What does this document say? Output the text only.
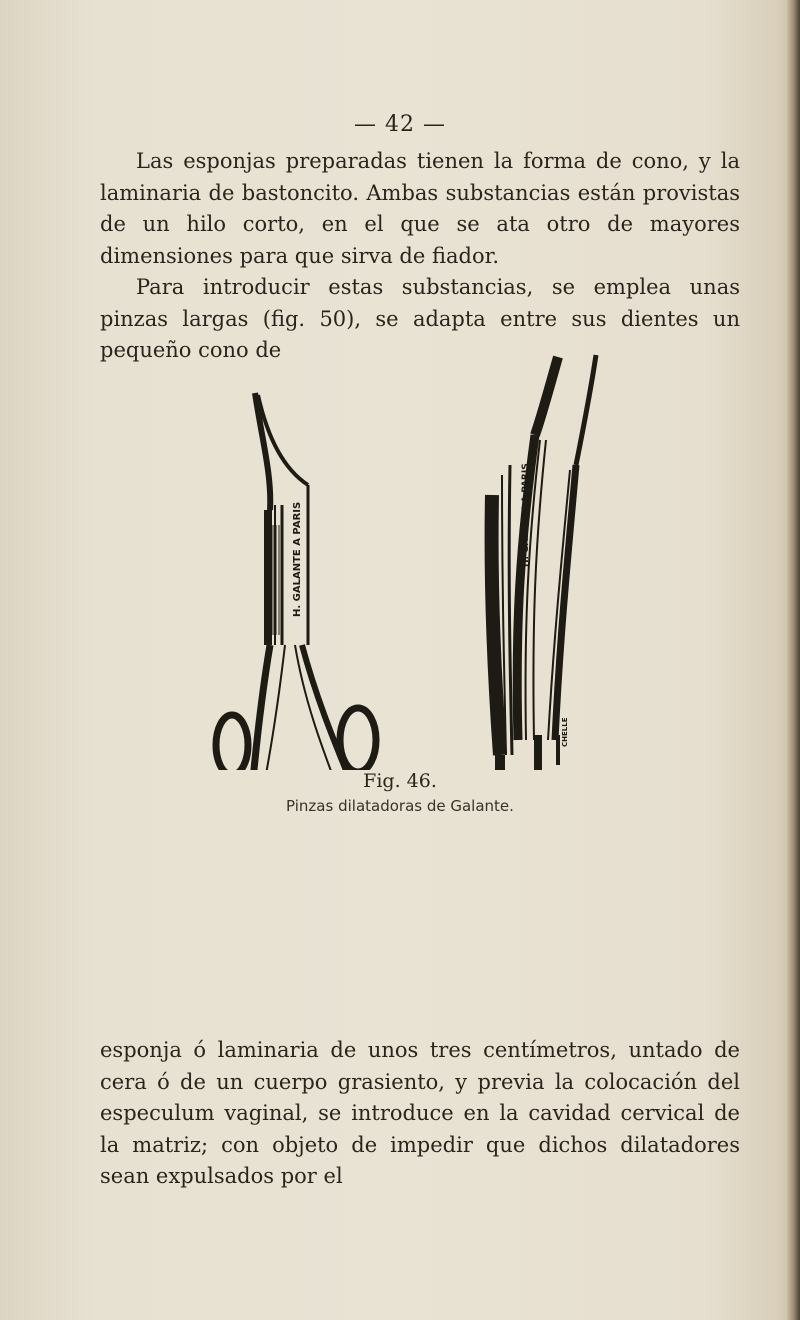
— 42 —

Las esponjas preparadas tienen la forma de cono, y la laminaria de bastoncito. Ambas substancias están provistas de un hilo corto, en el que se ata otro de mayores dimensiones para que sirva de fiador.

Para introducir estas substancias, se emplea unas pinzas largas (fig. 50), se adapta entre sus dientes un pequeño cono de

H. GALANTE A PARIS	H. GALANTE A PARIS
CHELLE
Fig. 46.
Pinzas dilatadoras de Galante.

esponja ó laminaria de unos tres centímetros, untado de cera ó de un cuerpo grasiento, y previa la colocación del especulum vaginal, se introduce en la cavidad cervical de la matriz; con objeto de impedir que dichos dilatadores sean expulsados por el
